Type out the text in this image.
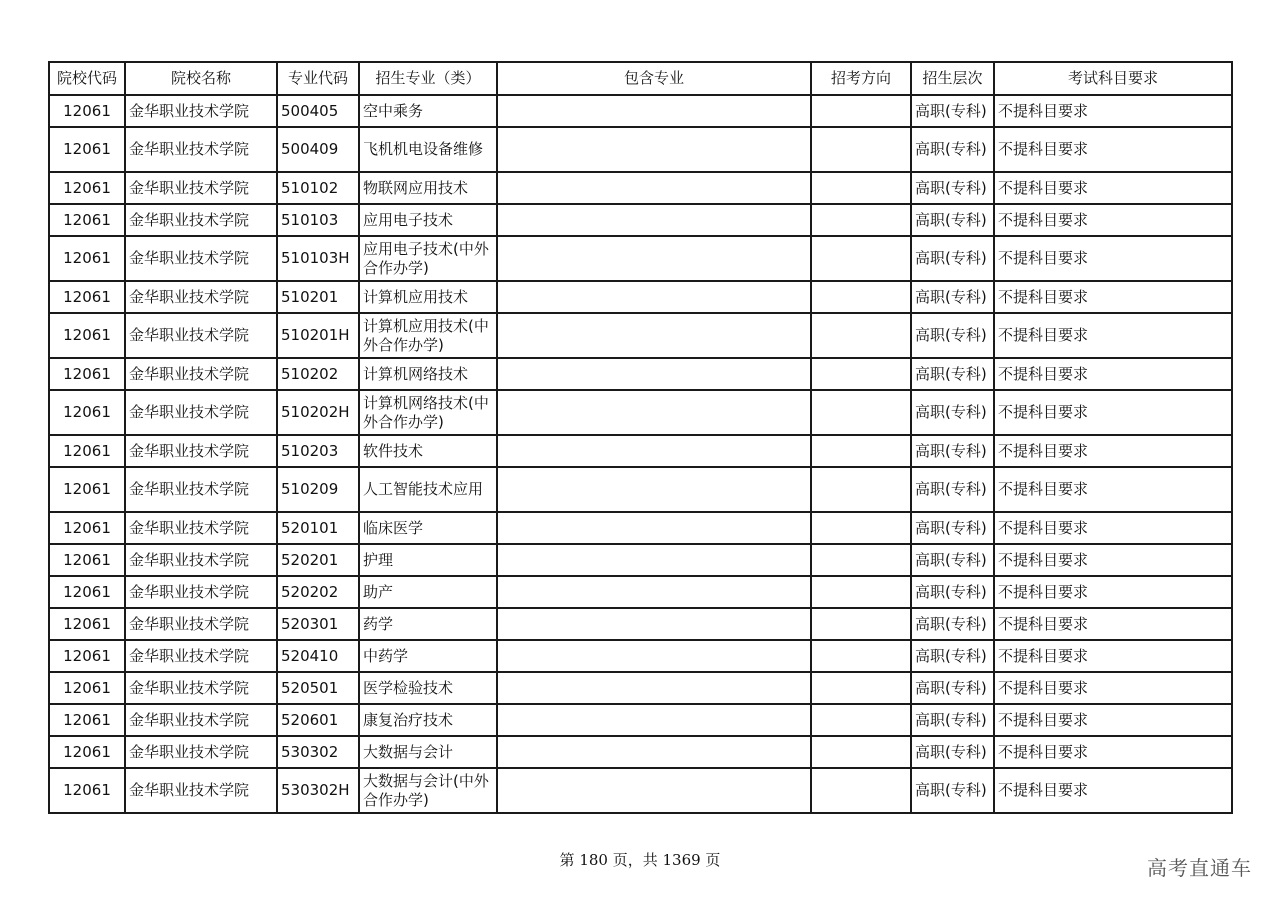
院校代码	院校名称	专业代码	招生专业（类）	包含专业	招考方向	招生层次	考试科目要求
12061	金华职业技术学院	500405	空中乘务			高职(专科)	不提科目要求
12061	金华职业技术学院	500409	飞机机电设备维修			高职(专科)	不提科目要求
12061	金华职业技术学院	510102	物联网应用技术			高职(专科)	不提科目要求
12061	金华职业技术学院	510103	应用电子技术			高职(专科)	不提科目要求
12061	金华职业技术学院	510103H	应用电子技术(中外合作办学)			高职(专科)	不提科目要求
12061	金华职业技术学院	510201	计算机应用技术			高职(专科)	不提科目要求
12061	金华职业技术学院	510201H	计算机应用技术(中外合作办学)			高职(专科)	不提科目要求
12061	金华职业技术学院	510202	计算机网络技术			高职(专科)	不提科目要求
12061	金华职业技术学院	510202H	计算机网络技术(中外合作办学)			高职(专科)	不提科目要求
12061	金华职业技术学院	510203	软件技术			高职(专科)	不提科目要求
12061	金华职业技术学院	510209	人工智能技术应用			高职(专科)	不提科目要求
12061	金华职业技术学院	520101	临床医学			高职(专科)	不提科目要求
12061	金华职业技术学院	520201	护理			高职(专科)	不提科目要求
12061	金华职业技术学院	520202	助产			高职(专科)	不提科目要求
12061	金华职业技术学院	520301	药学			高职(专科)	不提科目要求
12061	金华职业技术学院	520410	中药学			高职(专科)	不提科目要求
12061	金华职业技术学院	520501	医学检验技术			高职(专科)	不提科目要求
12061	金华职业技术学院	520601	康复治疗技术			高职(专科)	不提科目要求
12061	金华职业技术学院	530302	大数据与会计			高职(专科)	不提科目要求
12061	金华职业技术学院	530302H	大数据与会计(中外合作办学)			高职(专科)	不提科目要求
第 180 页，共 1369 页	高考直通车
